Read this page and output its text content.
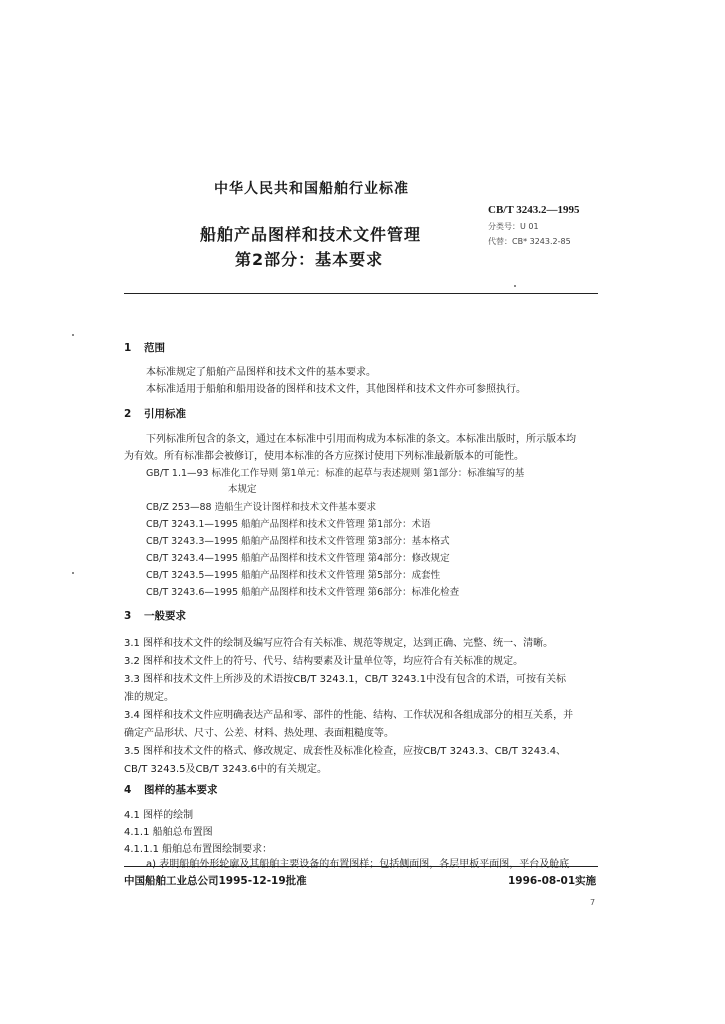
中华人民共和国船舶行业标准
船舶产品图样和技术文件管理
第2部分：基本要求
CB/T 3243.2—1995
分类号：U 01
代替：CB* 3243.2-85
1 范围
本标准规定了船舶产品图样和技术文件的基本要求。
本标准适用于船舶和船用设备的图样和技术文件，其他图样和技术文件亦可参照执行。
2 引用标准
下列标准所包含的条文，通过在本标准中引用而构成为本标准的条文。本标准出版时，所示版本均
为有效。所有标准都会被修订，使用本标准的各方应探讨使用下列标准最新版本的可能性。
GB/T 1.1—93 标准化工作导则 第1单元：标准的起草与表述规则 第1部分：标准编写的基
本规定
CB/Z 253—88 造船生产设计图样和技术文件基本要求
CB/T 3243.1—1995 船舶产品图样和技术文件管理 第1部分：术语
CB/T 3243.3—1995 船舶产品图样和技术文件管理 第3部分：基本格式
CB/T 3243.4—1995 船舶产品图样和技术文件管理 第4部分：修改规定
CB/T 3243.5—1995 船舶产品图样和技术文件管理 第5部分：成套性
CB/T 3243.6—1995 船舶产品图样和技术文件管理 第6部分：标准化检查
3 一般要求
3.1 图样和技术文件的绘制及编写应符合有关标准、规范等规定，达到正确、完整、统一、清晰。
3.2 图样和技术文件上的符号、代号、结构要素及计量单位等，均应符合有关标准的规定。
3.3 图样和技术文件上所涉及的术语按CB/T 3243.1，CB/T 3243.1中没有包含的术语，可按有关标
准的规定。
3.4 图样和技术文件应明确表达产品和零、部件的性能、结构、工作状况和各组成部分的相互关系，并
确定产品形状、尺寸、公差、材料、热处理、表面粗糙度等。
3.5 图样和技术文件的格式、修改规定、成套性及标准化检查，应按CB/T 3243.3、CB/T 3243.4、
CB/T 3243.5及CB/T 3243.6中的有关规定。
4 图样的基本要求
4.1 图样的绘制
4.1.1 船舶总布置图
4.1.1.1 船舶总布置图绘制要求：
a) 表明船舶外形轮廓及其船舶主要设备的布置图样；包括侧面图，各层甲板平面图，平台及舱底
中国船舶工业总公司1995-12-19批准	1996-08-01实施
7
